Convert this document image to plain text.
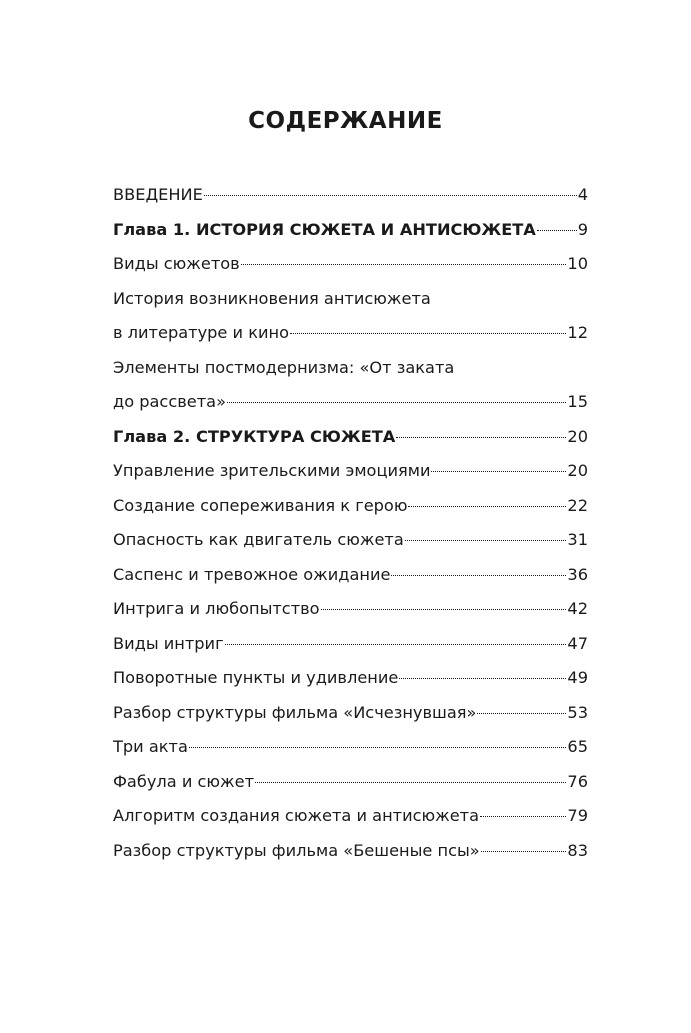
СОДЕРЖАНИЕ
ВВЕДЕНИЕ	4
Глава 1. ИСТОРИЯ СЮЖЕТА И АНТИСЮЖЕТА	9
Виды сюжетов	10
История возникновения антисюжета
в литературе и кино	12
Элементы постмодернизма: «От заката
до рассвета»	15
Глава 2. СТРУКТУРА СЮЖЕТА	20
Управление зрительскими эмоциями	20
Создание сопереживания к герою	22
Опасность как двигатель сюжета	31
Саспенс и тревожное ожидание	36
Интрига и любопытство	42
Виды интриг	47
Поворотные пункты и удивление	49
Разбор структуры фильма «Исчезнувшая»	53
Три акта	65
Фабула и сюжет	76
Алгоритм создания сюжета и антисюжета	79
Разбор структуры фильма «Бешеные псы»	83
